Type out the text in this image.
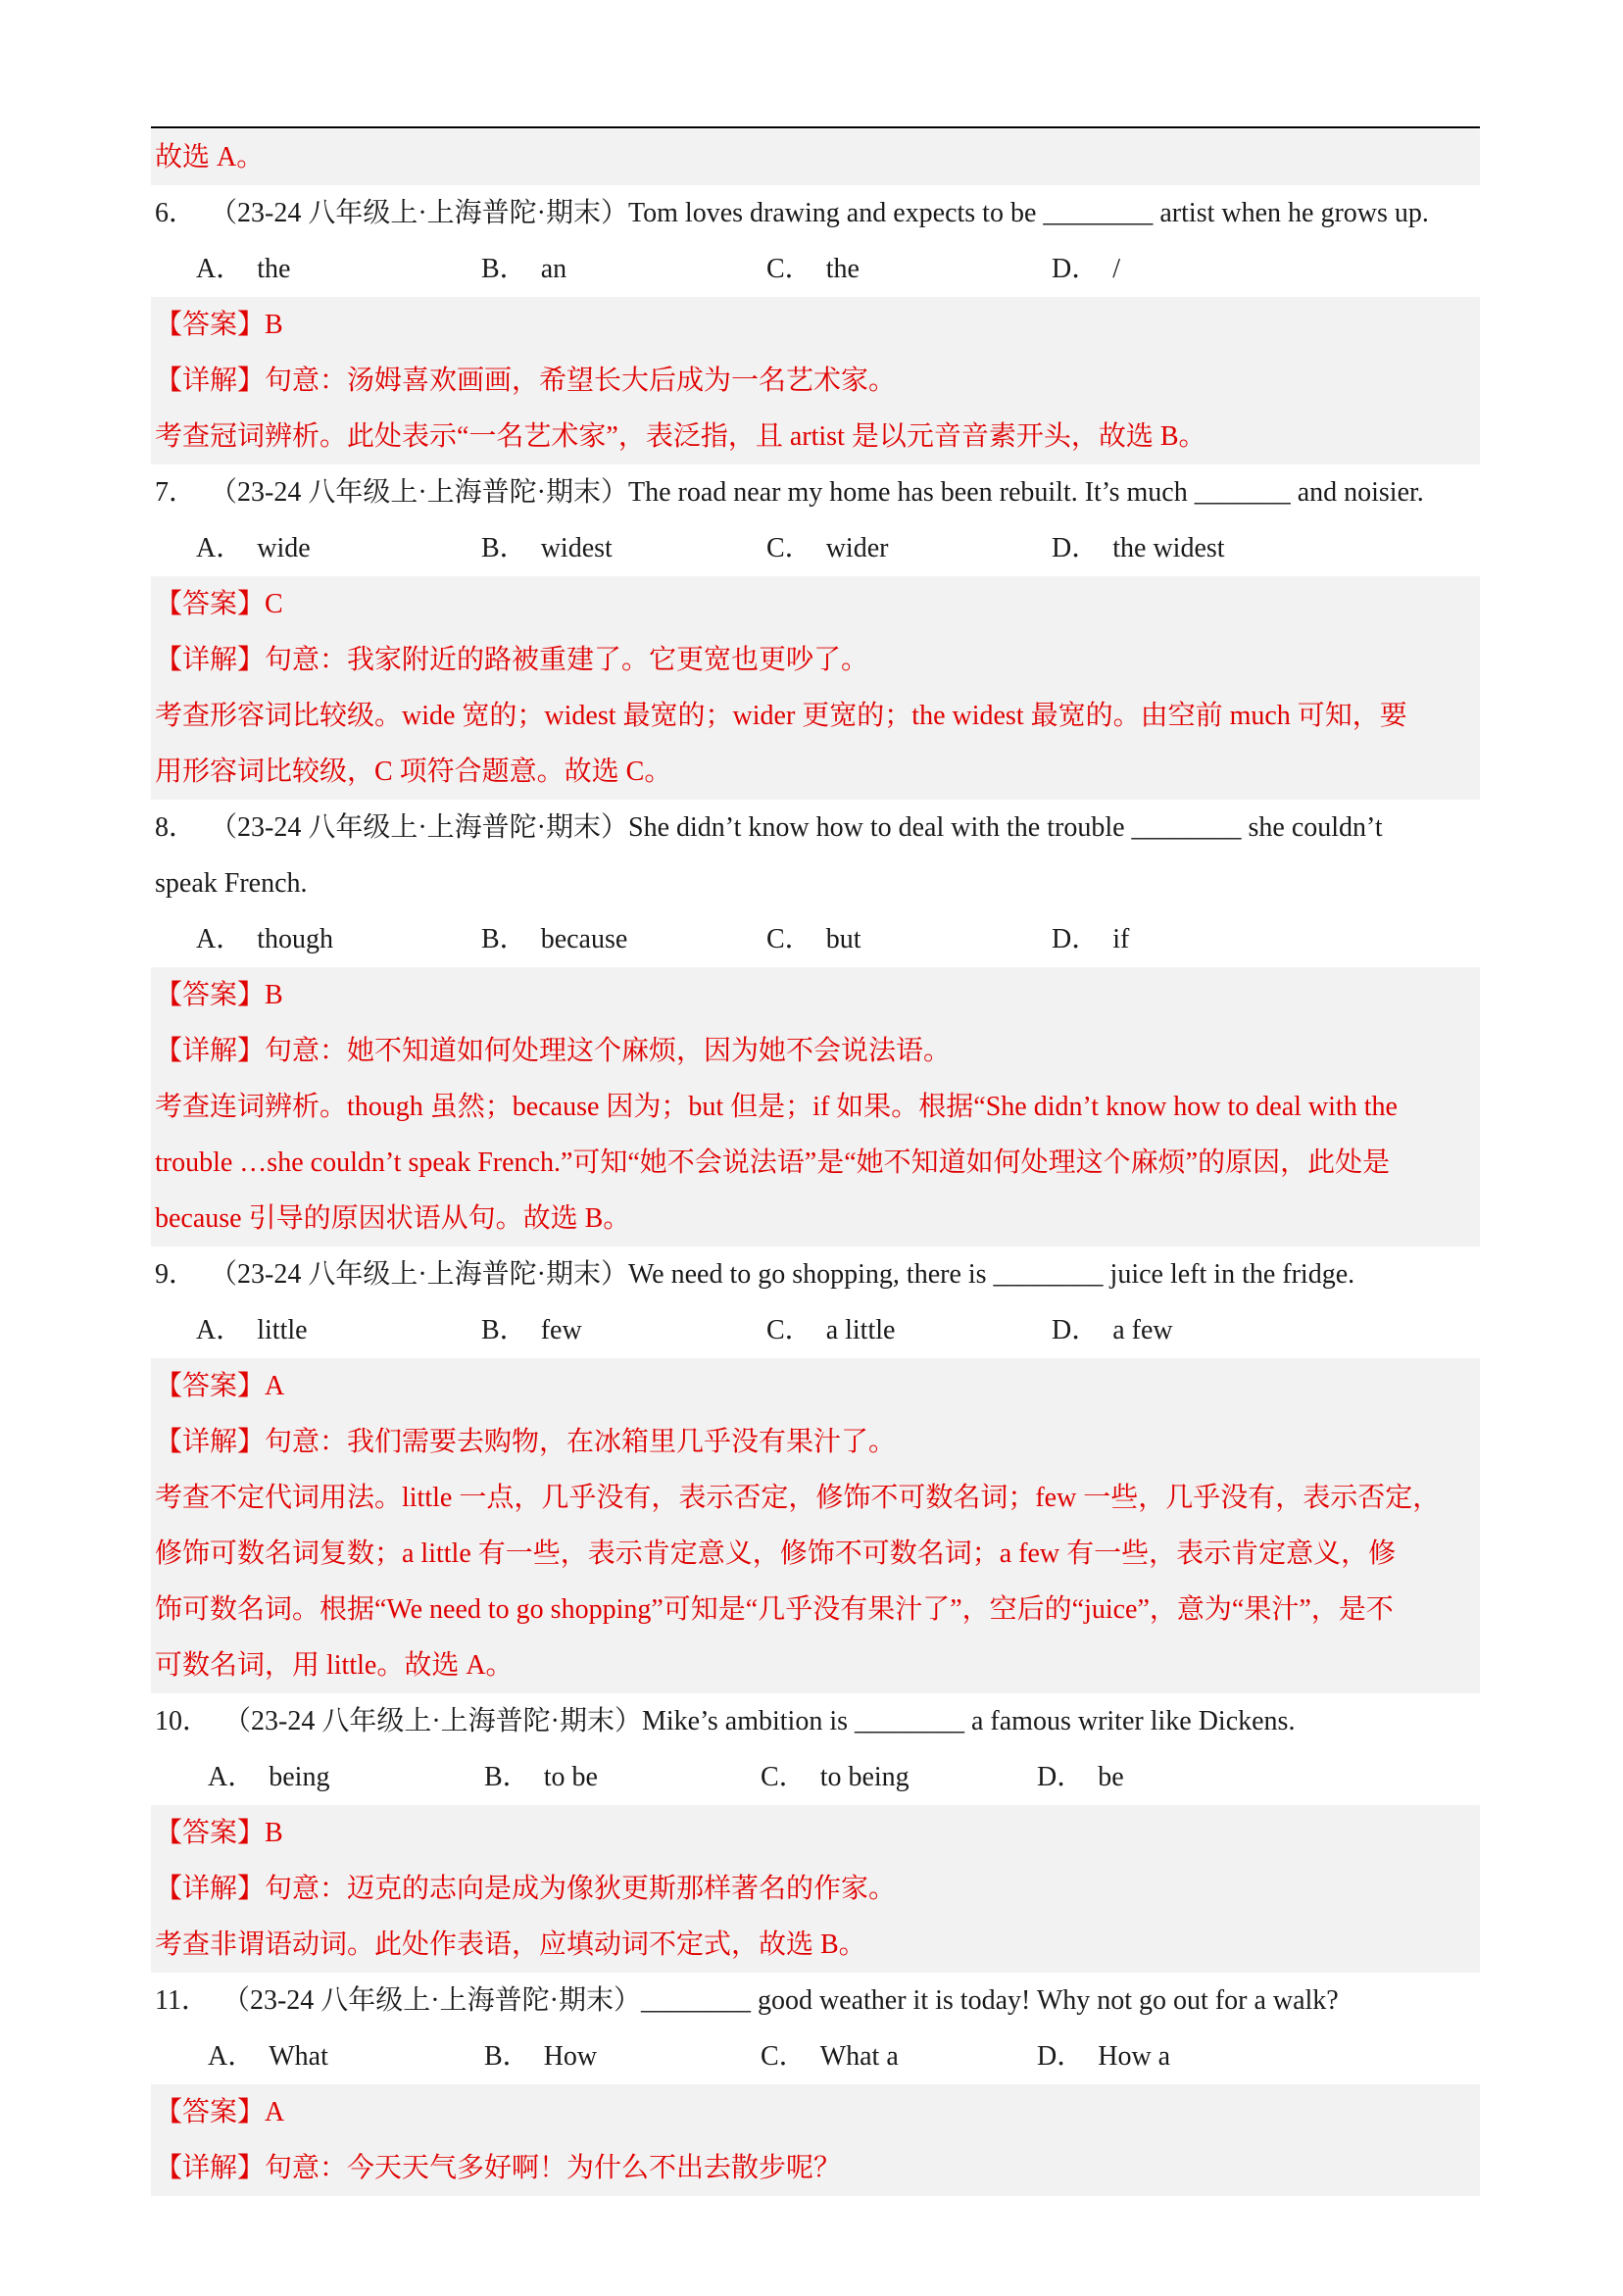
故选 A。
6． （23-24 八年级上·上海普陀·期末）Tom loves drawing and expects to be ________ artist when he grows up.
A． the	B． an	C． the	D． /
【答案】B
【详解】句意：汤姆喜欢画画，希望长大后成为一名艺术家。
考查冠词辨析。此处表示“一名艺术家”，表泛指，且 artist 是以元音音素开头，故选 B。
7． （23-24 八年级上·上海普陀·期末）The road near my home has been rebuilt. It’s much _______ and noisier.
A． wide	B． widest	C． wider	D． the widest
【答案】C
【详解】句意：我家附近的路被重建了。它更宽也更吵了。
考查形容词比较级。wide 宽的；widest 最宽的；wider 更宽的；the widest 最宽的。由空前 much 可知，要
用形容词比较级，C 项符合题意。故选 C。
8． （23-24 八年级上·上海普陀·期末）She didn’t know how to deal with the trouble ________ she couldn’t
speak French.
A． though	B． because	C． but	D． if
【答案】B
【详解】句意：她不知道如何处理这个麻烦，因为她不会说法语。
考查连词辨析。though 虽然；because 因为；but 但是；if 如果。根据“She didn’t know how to deal with the
trouble …she couldn’t speak French.”可知“她不会说法语”是“她不知道如何处理这个麻烦”的原因，此处是
because 引导的原因状语从句。故选 B。
9． （23-24 八年级上·上海普陀·期末）We need to go shopping, there is ________ juice left in the fridge.
A． little	B． few	C． a little	D． a few
【答案】A
【详解】句意：我们需要去购物，在冰箱里几乎没有果汁了。
考查不定代词用法。little 一点，几乎没有，表示否定，修饰不可数名词；few 一些，几乎没有，表示否定，
修饰可数名词复数；a little 有一些，表示肯定意义，修饰不可数名词；a few 有一些，表示肯定意义，修
饰可数名词。根据“We need to go shopping”可知是“几乎没有果汁了”，空后的“juice”，意为“果汁”，是不
可数名词，用 little。故选 A。
10． （23-24 八年级上·上海普陀·期末）Mike’s ambition is ________ a famous writer like Dickens.
A． being	B． to be	C． to being	D． be
【答案】B
【详解】句意：迈克的志向是成为像狄更斯那样著名的作家。
考查非谓语动词。此处作表语，应填动词不定式，故选 B。
11． （23-24 八年级上·上海普陀·期末）________ good weather it is today! Why not go out for a walk?
A． What	B． How	C． What a	D． How a
【答案】A
【详解】句意：今天天气多好啊！为什么不出去散步呢？
